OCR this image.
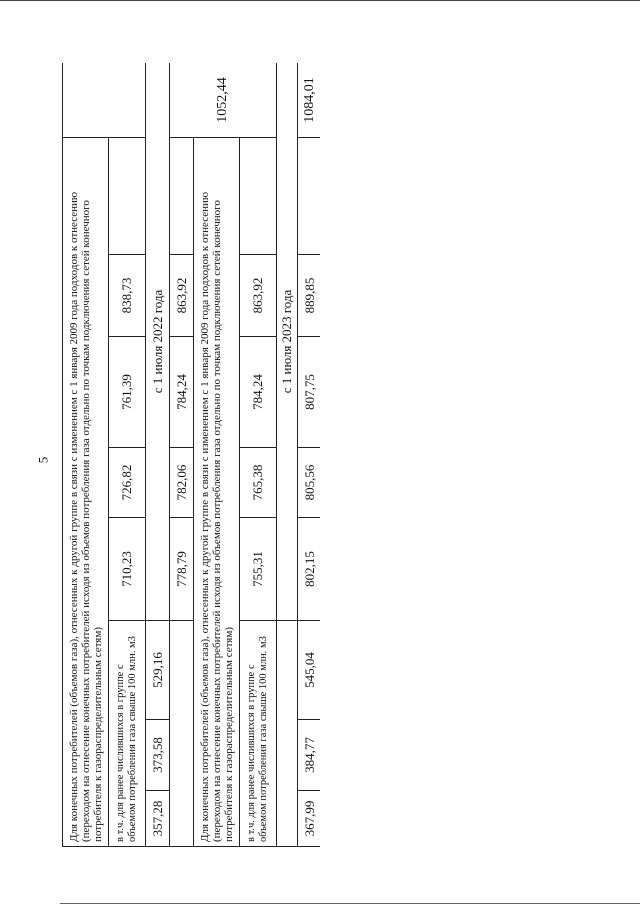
5 Для конечных потребителей (объемов газа), отнесенных к другой группе в связи с изменением с 1 января 2009 года подходов к отнесению (переходом на отнесение конечных потребителей исходя из объемов потребления газа отдельно по точкам подключения сетей конечного потребителя к газораспределительным сетям)								
в т.ч. для ранее числившихся в группе с объемом потребления газа свыше 100 млн. м3			710,23	726,82	761,39	838,73		
357,28	373,58	529,16	с 1 июля 2022 года					
			778,79	782,06	784,24	863,92		1052,44
Для конечных потребителей (объемов газа), отнесенных к другой группе в связи с изменением с 1 января 2009 года подходов к отнесению (переходом на отнесение конечных потребителей исходя из объемов потребления газа отдельно по точкам подключения сетей конечного потребителя к газораспределительным сетям)								
в т.ч. для ранее числившихся в группе с объемом потребления газа свыше 100 млн. м3			755,31	765,38	784,24	863,92		
			с 1 июля 2023 года					
367,99	384,77	545,04	802,15	805,56	807,75	889,85		1084,01
